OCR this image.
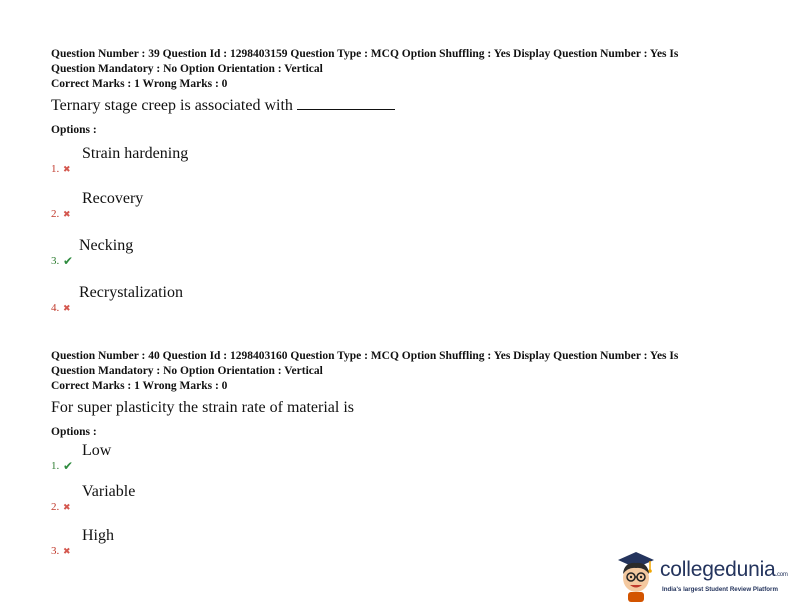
Question Number : 39 Question Id : 1298403159 Question Type : MCQ Option Shuffling : Yes Display Question Number : Yes Is
Question Mandatory : No Option Orientation : Vertical
Correct Marks : 1 Wrong Marks : 0
Ternary stage creep is associated with
Options :
1. ✖
Strain hardening
2. ✖
Recovery
3. ✔
Necking
4. ✖
Recrystalization
Question Number : 40 Question Id : 1298403160 Question Type : MCQ Option Shuffling : Yes Display Question Number : Yes Is
Question Mandatory : No Option Orientation : Vertical
Correct Marks : 1 Wrong Marks : 0
For super plasticity the strain rate of material is
Options :
1. ✔
Low
2. ✖
Variable
3. ✖
High
collegedunia.com
India's largest Student Review Platform
